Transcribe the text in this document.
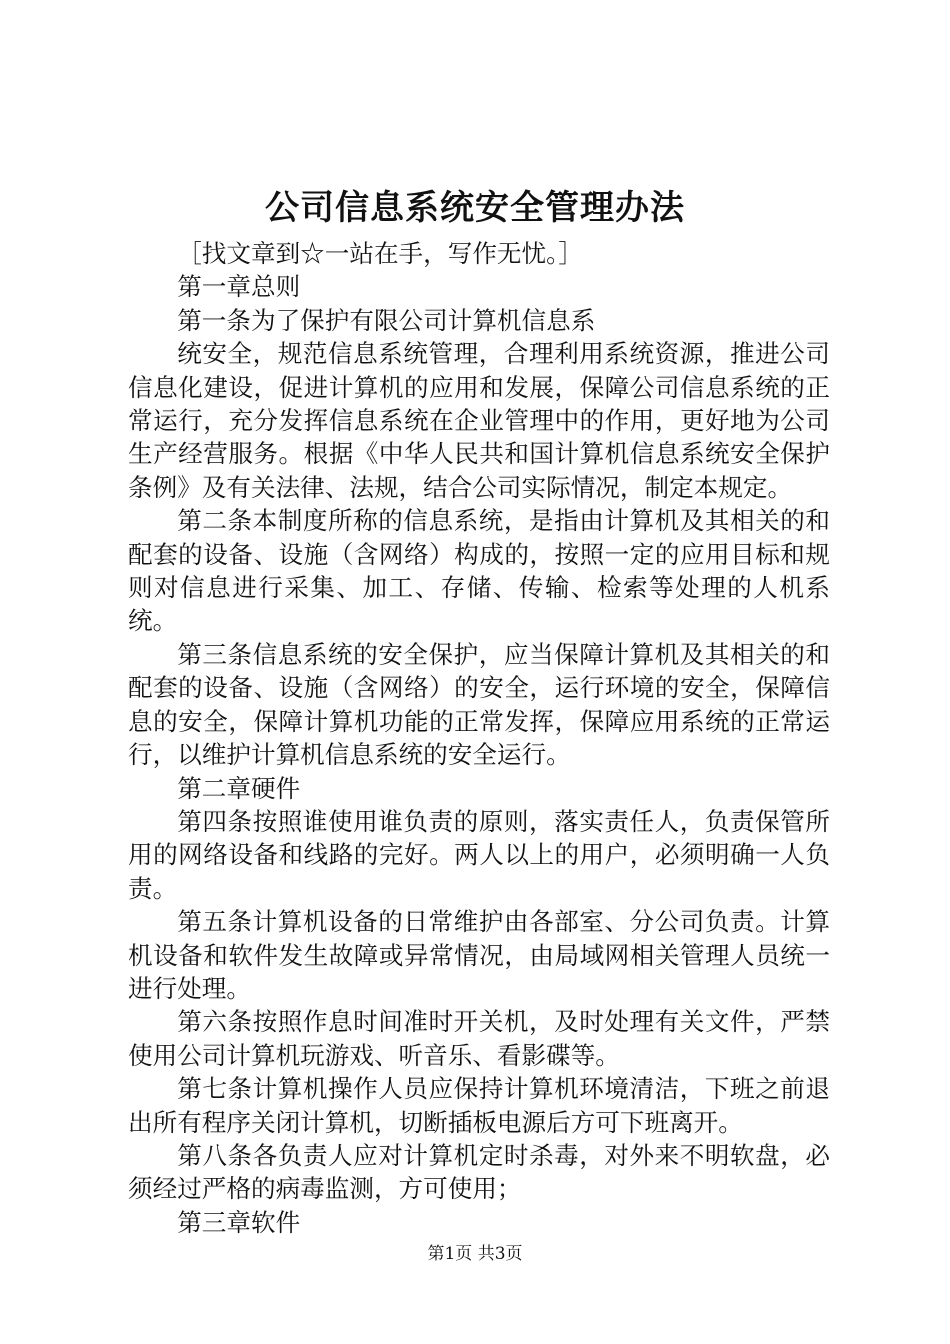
公司信息系统安全管理办法

［找文章到☆一站在手，写作无忧。］

第一章总则

第一条为了保护有限公司计算机信息系

统安全，规范信息系统管理，合理利用系统资源，推进公司信息化建设，促进计算机的应用和发展，保障公司信息系统的正常运行，充分发挥信息系统在企业管理中的作用，更好地为公司生产经营服务。根据《中华人民共和国计算机信息系统安全保护条例》及有关法律、法规，结合公司实际情况，制定本规定。

第二条本制度所称的信息系统，是指由计算机及其相关的和配套的设备、设施（含网络）构成的，按照一定的应用目标和规则对信息进行采集、加工、存储、传输、检索等处理的人机系统。

第三条信息系统的安全保护，应当保障计算机及其相关的和配套的设备、设施（含网络）的安全，运行环境的安全，保障信息的安全，保障计算机功能的正常发挥，保障应用系统的正常运行，以维护计算机信息系统的安全运行。

第二章硬件

第四条按照谁使用谁负责的原则，落实责任人，负责保管所用的网络设备和线路的完好。两人以上的用户，必须明确一人负责。

第五条计算机设备的日常维护由各部室、分公司负责。计算机设备和软件发生故障或异常情况，由局域网相关管理人员统一进行处理。

第六条按照作息时间准时开关机，及时处理有关文件，严禁使用公司计算机玩游戏、听音乐、看影碟等。

第七条计算机操作人员应保持计算机环境清洁，下班之前退出所有程序关闭计算机，切断插板电源后方可下班离开。

第八条各负责人应对计算机定时杀毒，对外来不明软盘，必须经过严格的病毒监测，方可使用；

第三章软件

第1页 共3页
